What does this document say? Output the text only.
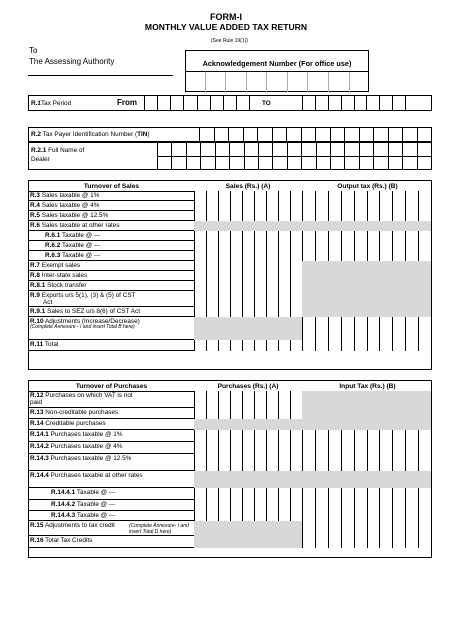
FORM-I
MONTHLY VALUE ADDED TAX RETURN
(See Rule 19(1))
To
The Assessing Authority	Acknowledgement Number (For office use)
R.1Tax Period	From	TO
R.2 Tax Payer Identification Number (TIN)
R.2.1 Full Name of
Dealer
Turnover of Sales	Sales (Rs.) (A)	Output tax (Rs.) (B)
R.3 Sales taxable @ 1%
R.4 Sales taxable @ 4%
R.5 Sales taxable @ 12.5%
R.6 Sales taxable at other rates
R.6.1 Taxable @ ---
R.6.2 Taxable @ ---
R.6.3 Taxable @ ---
R.7 Exempt sales
R.8 Inter-state sales
R.8.1 Stock transfer
R.9 Exports u/s 5(1), (3) & (5) of CST
Act
R.9.1 Sales to SEZ u/s 8(6) of CST Act
R.10 Adjustments (Increase/Decrease)
(Complete Annexure - I and insert Total B here)
R.11 Total
Turnover of Purchases	Purchases (Rs.) (A)	Input Tax (Rs.) (B)
R.12 Purchases on which VAT is not
paid
R.13 Non-creditable purchases
R.14 Creditable purchases
R.14.1 Purchases taxable @ 1%
R.14.2 Purchases taxable @ 4%
R.14.3 Purchases taxable @ 12.5%
R.14.4 Purchases taxable at other rates
R.14.4.1 Taxable @ ---
R.14.4.2 Taxable @ ---
R.14.4.3 Taxable @ ---
R.15 Adjustments to tax credit	(Complete Annexure- I and insert Total D here)
R.16 Total Tax Credits
